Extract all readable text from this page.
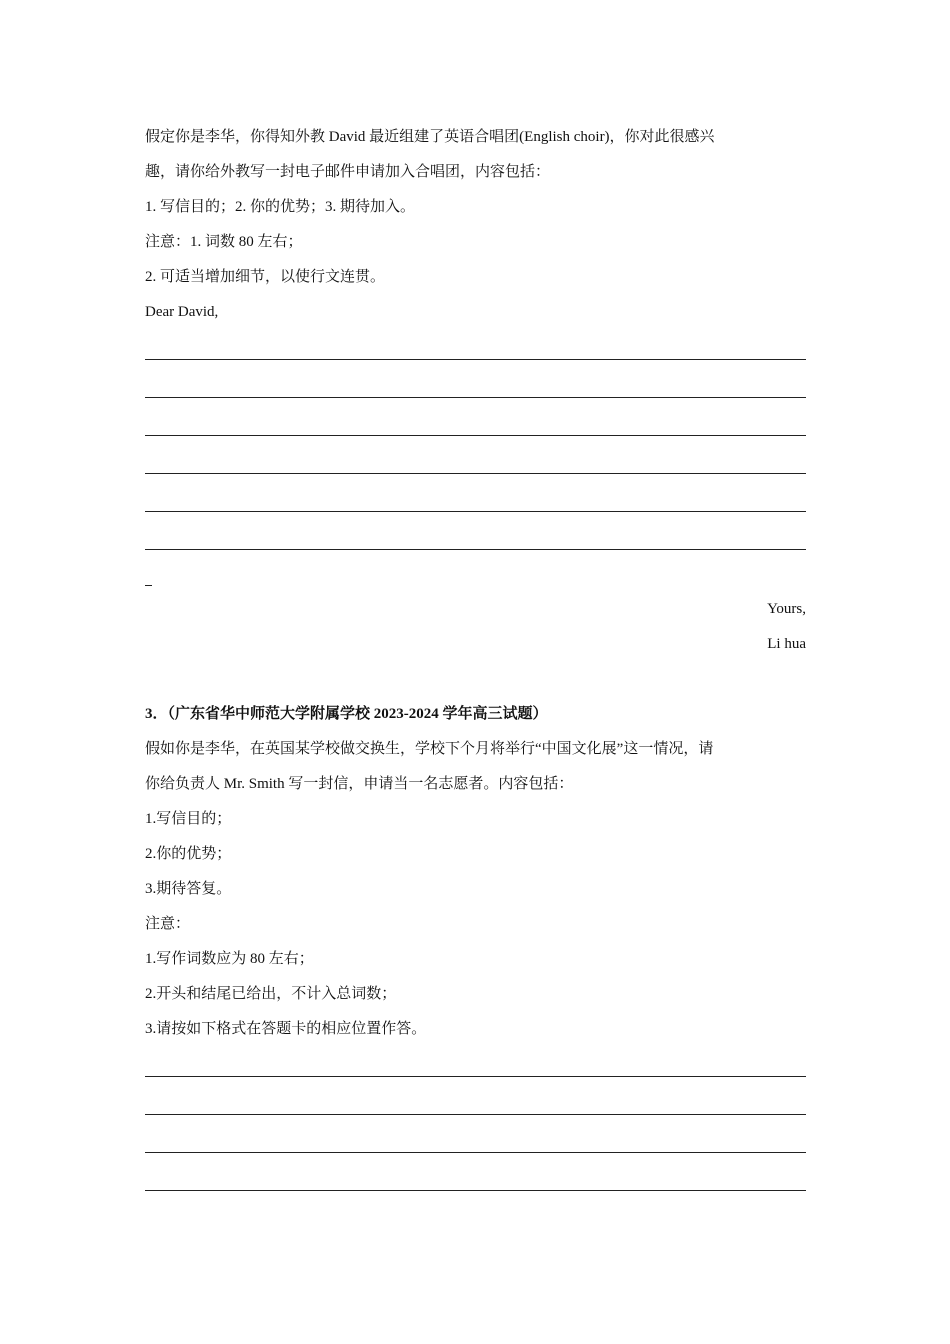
假定你是李华，你得知外教 David 最近组建了英语合唱团(English choir)，你对此很感兴
趣，请你给外教写一封电子邮件申请加入合唱团，内容包括：
1. 写信目的；2. 你的优势；3. 期待加入。
注意：1. 词数 80 左右；
2. 可适当增加细节，以使行文连贯。
Dear David,
Yours,
Li hua
3．（广东省华中师范大学附属学校 2023-2024 学年高三试题）
假如你是李华，在英国某学校做交换生，学校下个月将举行“中国文化展”这一情况，请
你给负责人 Mr. Smith 写一封信，申请当一名志愿者。内容包括：
1.写信目的；
2.你的优势；
3.期待答复。
注意：
1.写作词数应为 80 左右；
2.开头和结尾已给出，不计入总词数；
3.请按如下格式在答题卡的相应位置作答。
